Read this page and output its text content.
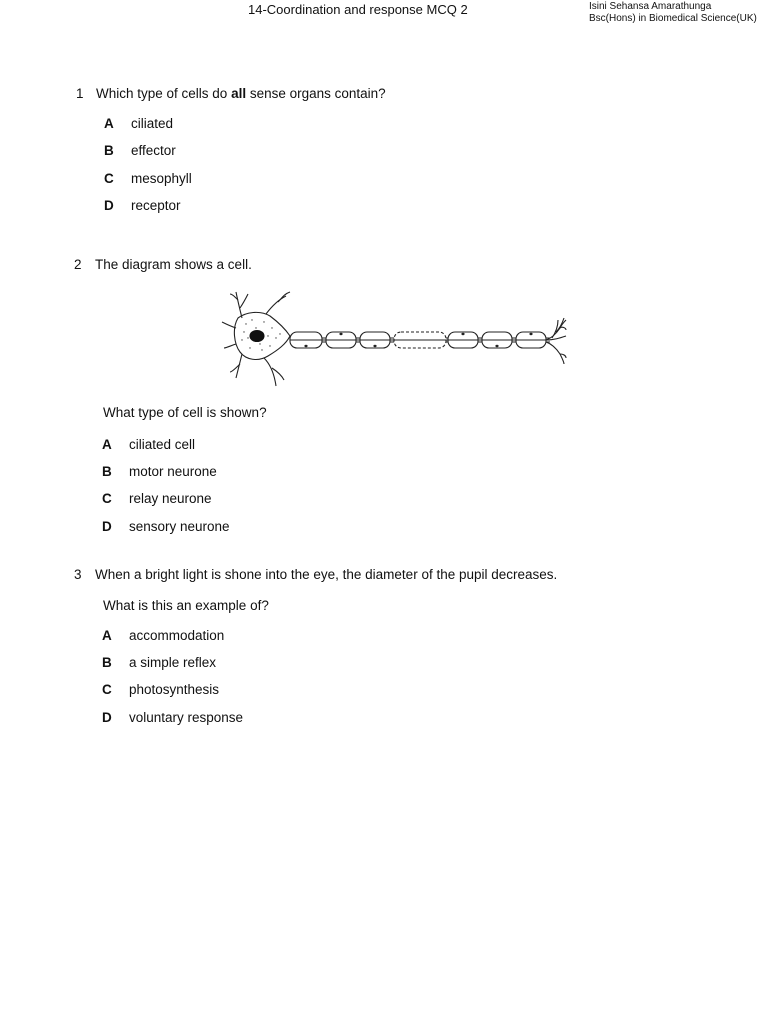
14-Coordination and response MCQ 2	Isini Sehansa Amarathunga
Bsc(Hons) in Biomedical Science(UK)
1 Which type of cells do all sense organs contain?
A ciliated
B effector
C mesophyll
D receptor
2 The diagram shows a cell.
What type of cell is shown?
A ciliated cell
B motor neurone
C relay neurone
D sensory neurone
3 When a bright light is shone into the eye, the diameter of the pupil decreases.
What is this an example of?
A accommodation
B a simple reflex
C photosynthesis
D voluntary response
